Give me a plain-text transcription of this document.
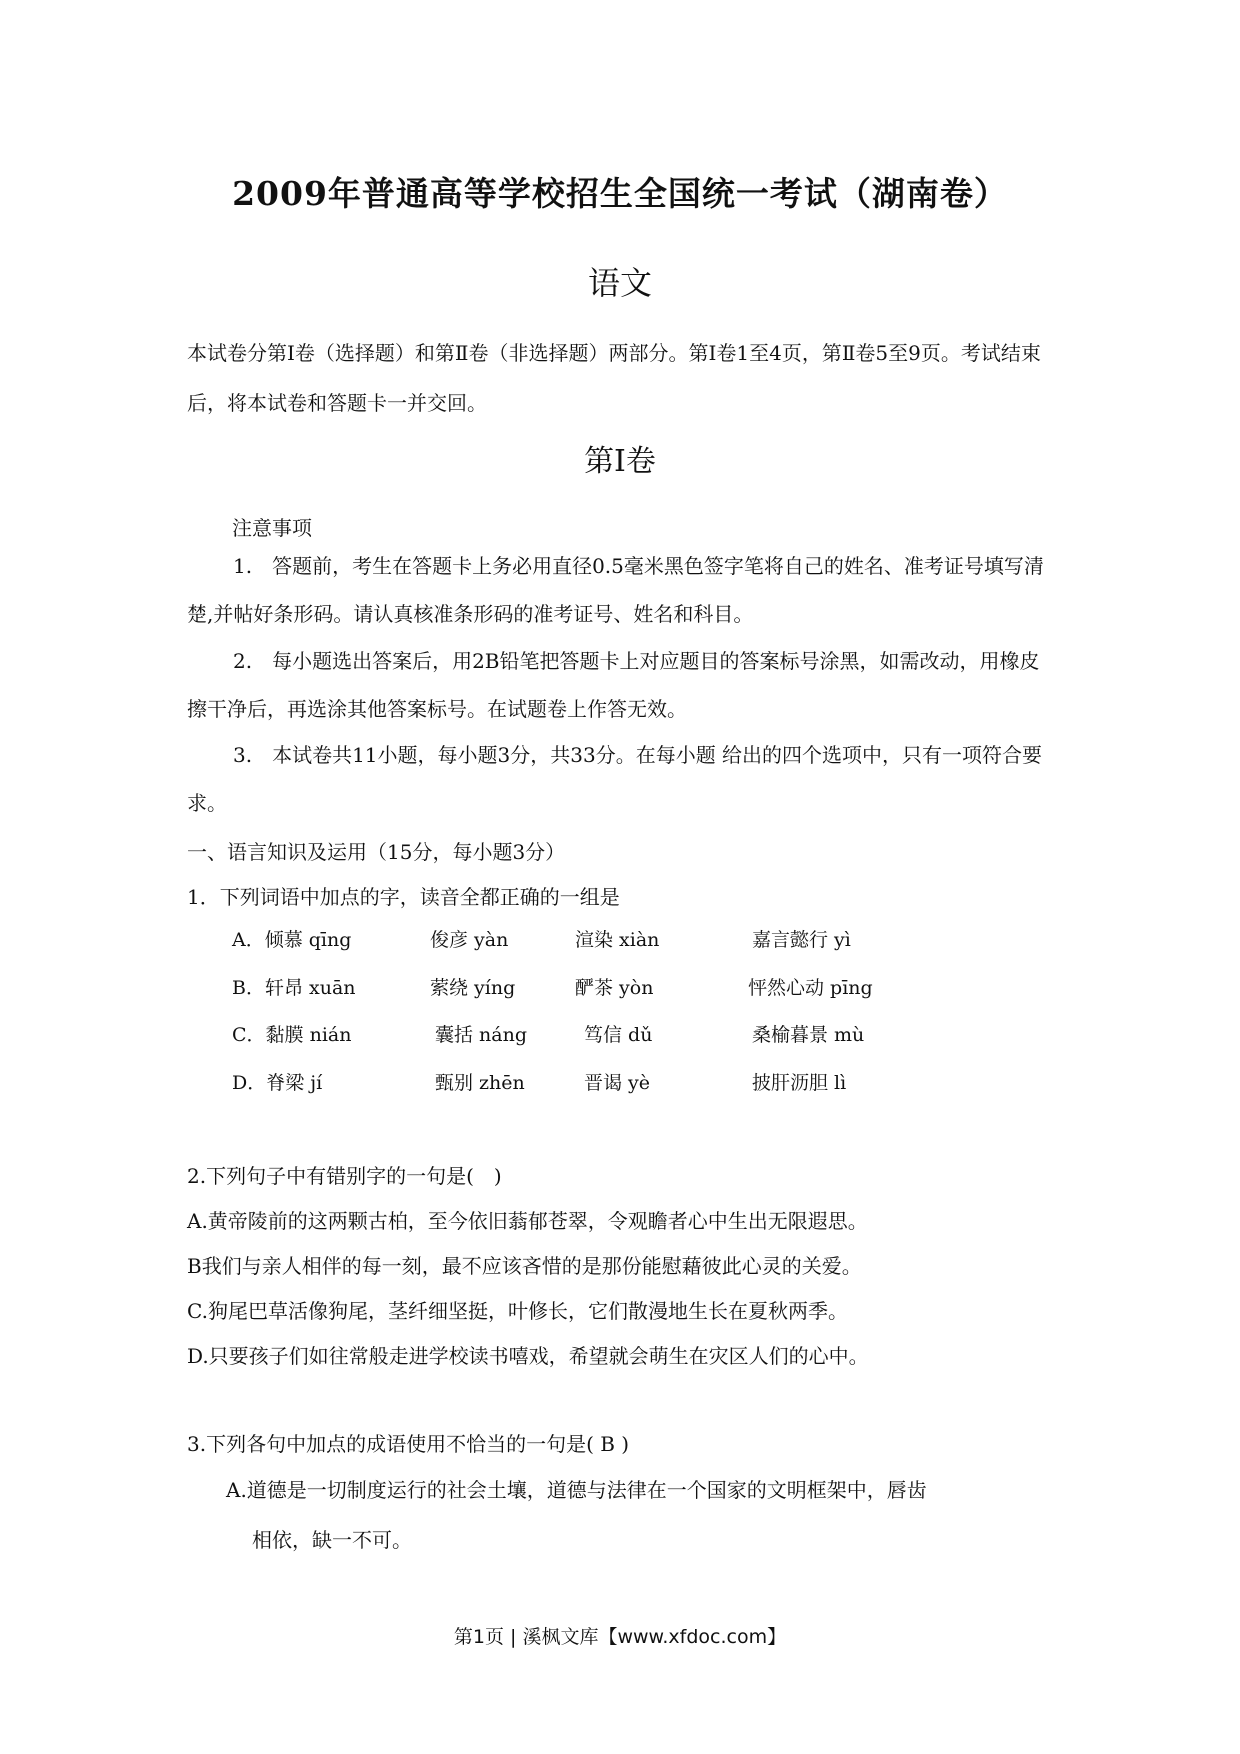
2009年普通高等学校招生全国统一考试（湖南卷）
语文
本试卷分第Ⅰ卷（选择题）和第Ⅱ卷（非选择题）两部分。第Ⅰ卷1至4页，第Ⅱ卷5至9页。考试结束后，将本试卷和答题卡一并交回。
第Ⅰ卷
注意事项
1.　答题前，考生在答题卡上务必用直径0.5毫米黑色签字笔将自己的姓名、准考证号填写清楚,并帖好条形码。请认真核准条形码的准考证号、姓名和科目。
2.　每小题选出答案后，用2B铅笔把答题卡上对应题目的答案标号涂黑，如需改动，用橡皮擦干净后，再选涂其他答案标号。在试题卷上作答无效。
3.　本试卷共11小题，每小题3分，共33分。在每小题 给出的四个选项中，只有一项符合要求。
一、语言知识及运用（15分，每小题3分）
1．下列词语中加点的字，读音全都正确的一组是
A．倾慕 qīng	俊彦 yàn	渲染 xiàn	嘉言懿行 yì
B．轩昂 xuān	萦绕 yíng	酽茶 yòn	怦然心动 pīng
C．黏膜 nián	囊括 náng	笃信 dǔ	桑榆暮景 mù
D．脊梁 jí	甄别 zhēn	晋谒 yè	披肝沥胆 lì
2.下列句子中有错别字的一句是(　)
A.黄帝陵前的这两颗古柏，至今依旧蓊郁苍翠，令观瞻者心中生出无限遐思。
B我们与亲人相伴的每一刻，最不应该吝惜的是那份能慰藉彼此心灵的关爱。
C.狗尾巴草活像狗尾，茎纤细坚挺，叶修长，它们散漫地生长在夏秋两季。
D.只要孩子们如往常般走进学校读书嘻戏，希望就会萌生在灾区人们的心中。
3.下列各句中加点的成语使用不恰当的一句是( B )
A.道德是一切制度运行的社会土壤，道德与法律在一个国家的文明框架中，唇齿
相依，缺一不可。
第1页 | 溪枫文库【www.xfdoc.com】
